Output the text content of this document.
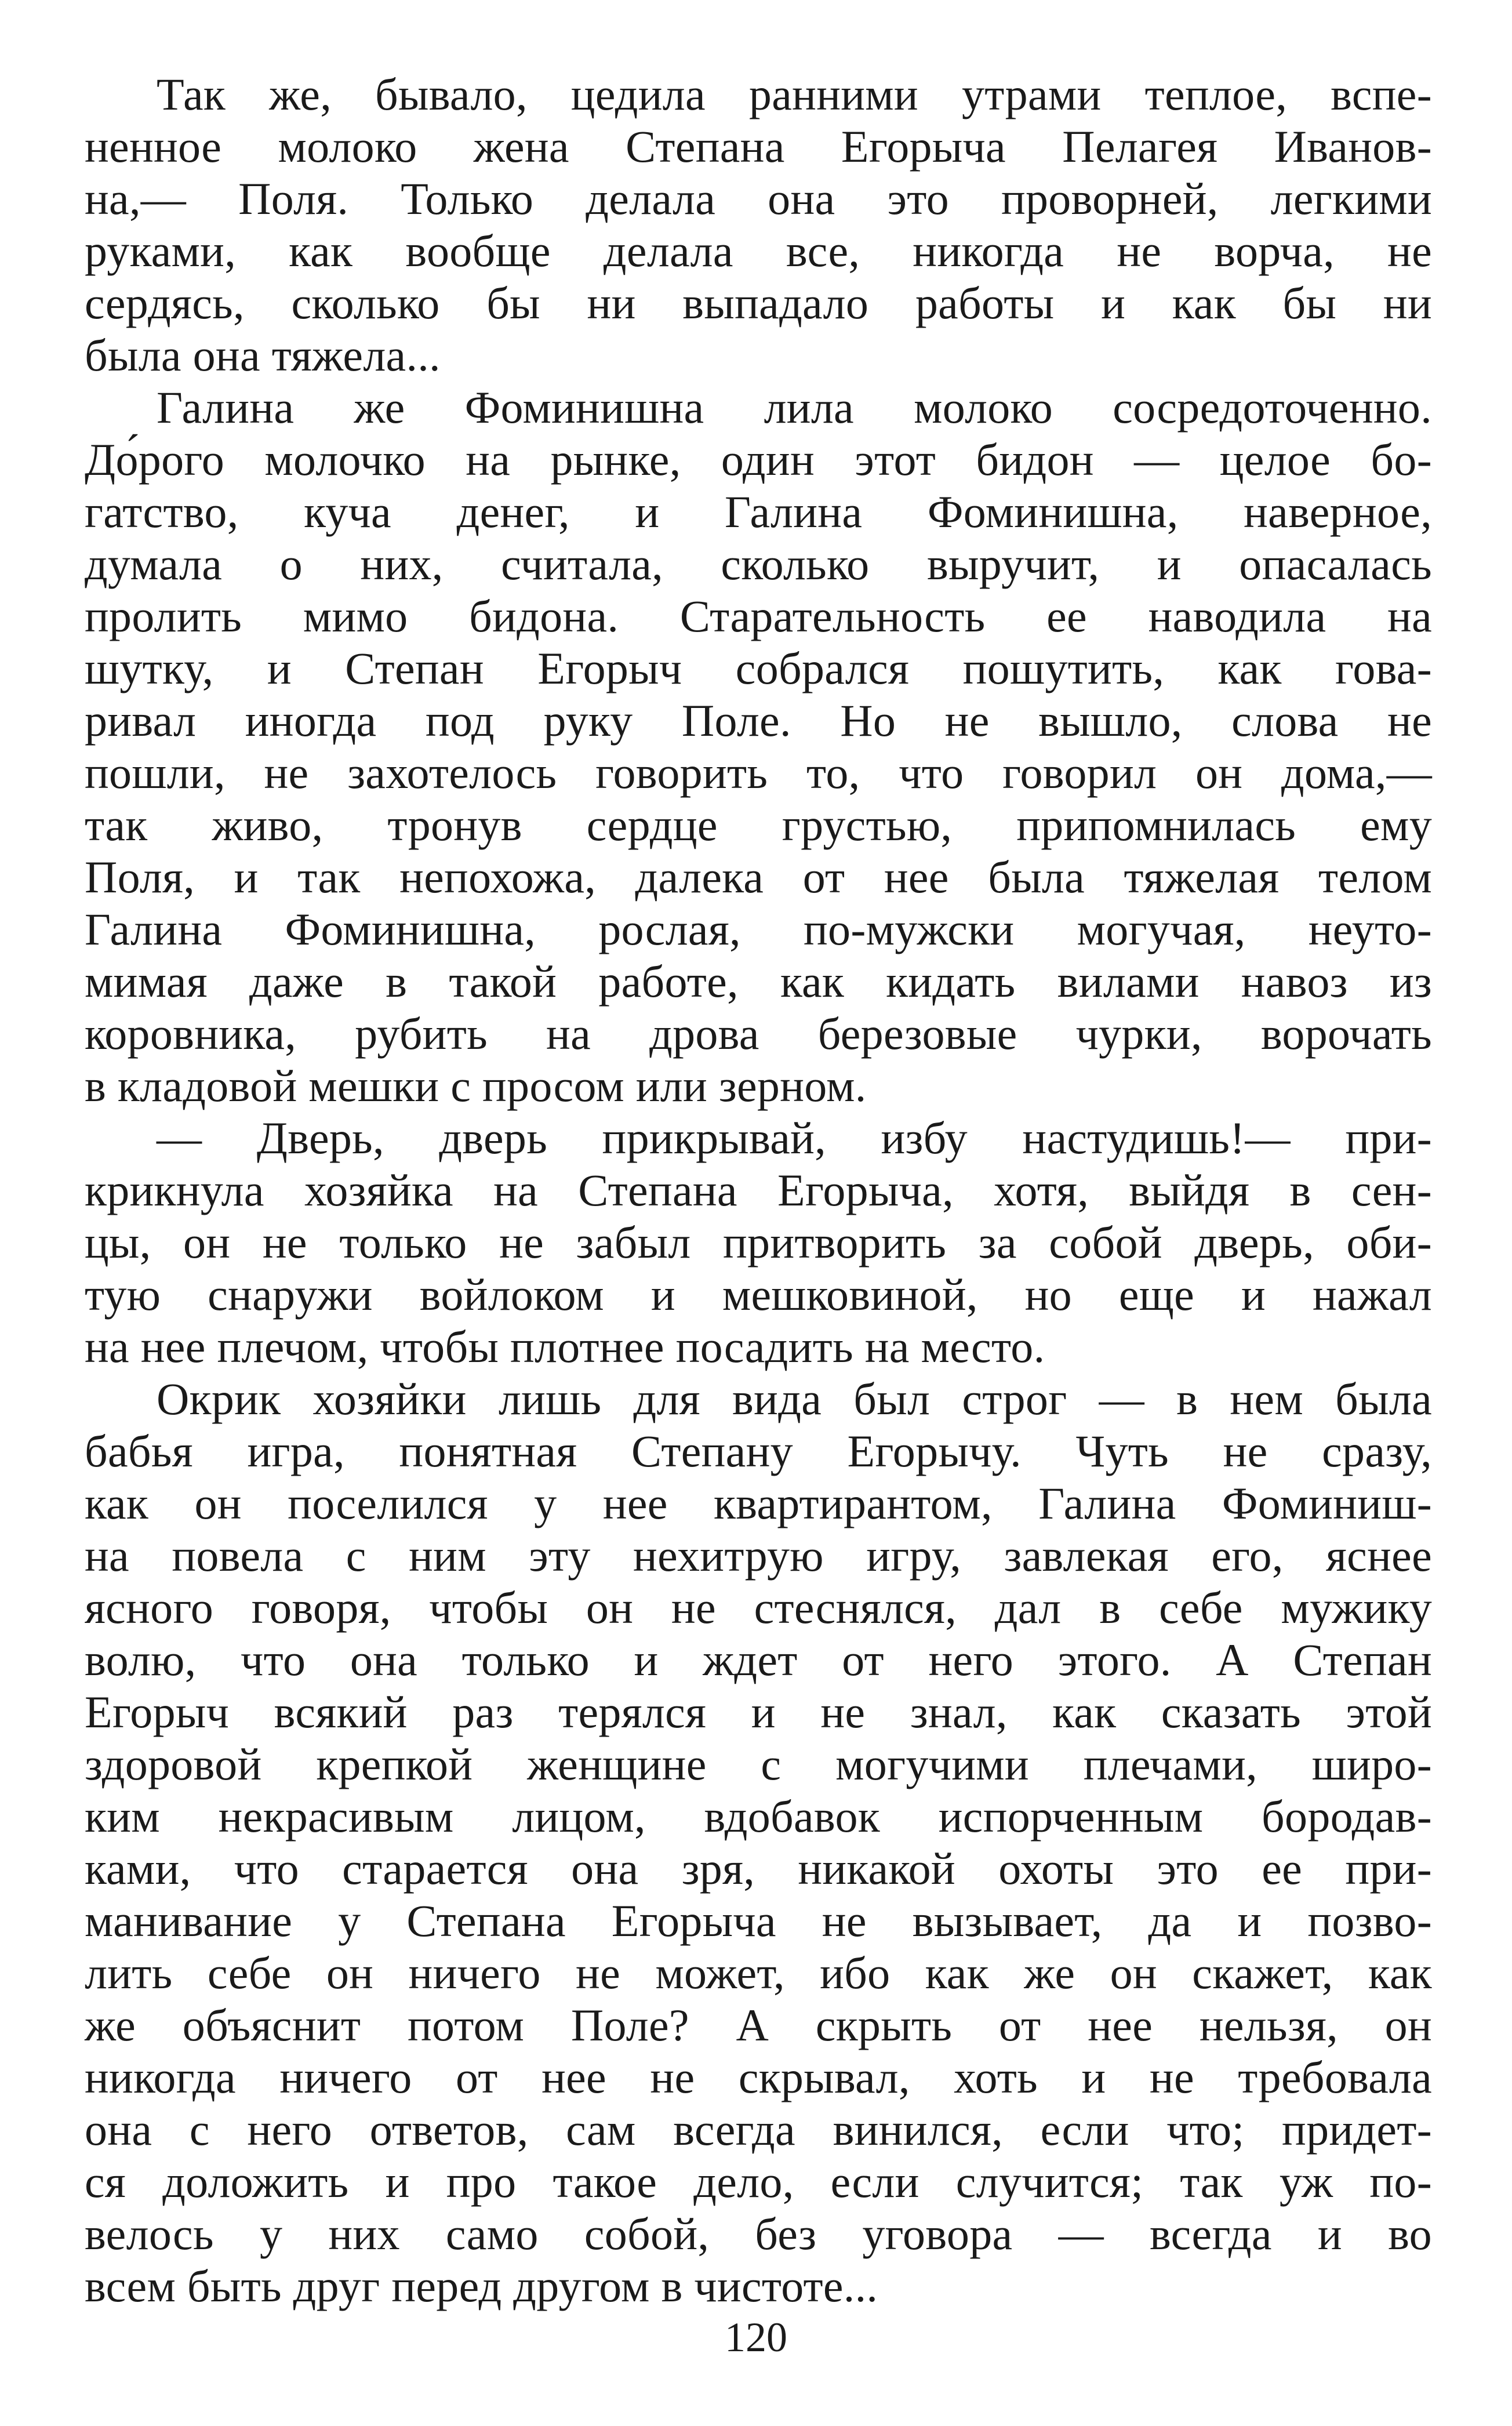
Так же, бывало, цедила ранними утрами теплое, вспе-
ненное молоко жена Степана Егорыча Пелагея Иванов-
на,— Поля. Только делала она это проворней, легкими
руками, как вообще делала все, никогда не ворча, не
сердясь, сколько бы ни выпадало работы и как бы ни
была она тяжела...
Галина же Фоминишна лила молоко сосредоточенно.
До́рого молочко на рынке, один этот бидон — целое бо-
гатство, куча денег, и Галина Фоминишна, наверное,
думала о них, считала, сколько выручит, и опасалась
пролить мимо бидона. Старательность ее наводила на
шутку, и Степан Егорыч собрался пошутить, как гова-
ривал иногда под руку Поле. Но не вышло, слова не
пошли, не захотелось говорить то, что говорил он дома,—
так живо, тронув сердце грустью, припомнилась ему
Поля, и так непохожа, далека от нее была тяжелая телом
Галина Фоминишна, рослая, по-мужски могучая, неуто-
мимая даже в такой работе, как кидать вилами навоз из
коровника, рубить на дрова березовые чурки, ворочать
в кладовой мешки с просом или зерном.
— Дверь, дверь прикрывай, избу настудишь!— при-
крикнула хозяйка на Степана Егорыча, хотя, выйдя в сен-
цы, он не только не забыл притворить за собой дверь, оби-
тую снаружи войлоком и мешковиной, но еще и нажал
на нее плечом, чтобы плотнее посадить на место.
Окрик хозяйки лишь для вида был строг — в нем была
бабья игра, понятная Степану Егорычу. Чуть не сразу,
как он поселился у нее квартирантом, Галина Фоминиш-
на повела с ним эту нехитрую игру, завлекая его, яснее
ясного говоря, чтобы он не стеснялся, дал в себе мужику
волю, что она только и ждет от него этого. А Степан
Егорыч всякий раз терялся и не знал, как сказать этой
здоровой крепкой женщине с могучими плечами, широ-
ким некрасивым лицом, вдобавок испорченным бородав-
ками, что старается она зря, никакой охоты это ее при-
манивание у Степана Егорыча не вызывает, да и позво-
лить себе он ничего не может, ибо как же он скажет, как
же объяснит потом Поле? А скрыть от нее нельзя, он
никогда ничего от нее не скрывал, хоть и не требовала
она с него ответов, сам всегда винился, если что; придет-
ся доложить и про такое дело, если случится; так уж по-
велось у них само собой, без уговора — всегда и во
всем быть друг перед другом в чистоте...
120
